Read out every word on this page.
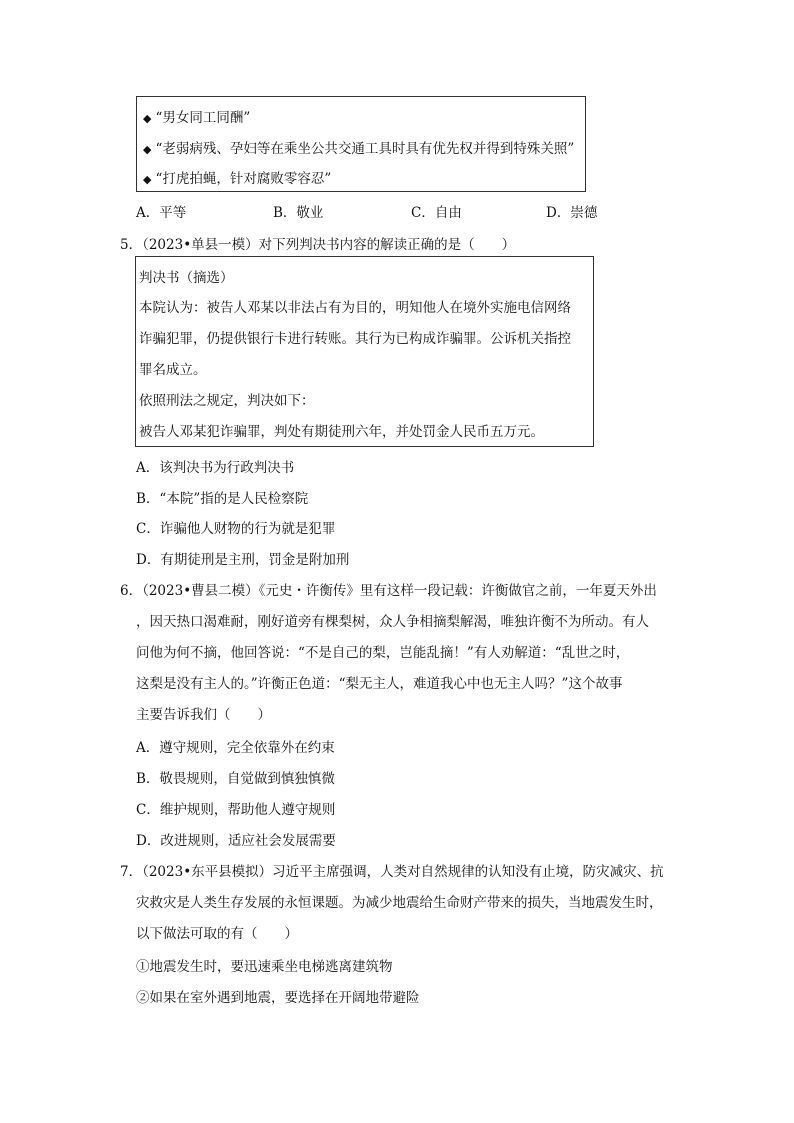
◆ “男女同工同酬”
◆ “老弱病残、孕妇等在乘坐公共交通工具时具有优先权并得到特殊关照”
◆ “打虎拍蝇，针对腐败零容忍”
A．平等	B．敬业	C．自由	D．崇德
5．（2023•单县一模）对下列判决书内容的解读正确的是（　　）
判决书（摘选）
本院认为：被告人邓某以非法占有为目的，明知他人在境外实施电信网络
诈骗犯罪，仍提供银行卡进行转账。其行为已构成诈骗罪。公诉机关指控
罪名成立。
依照刑法之规定，判决如下：
被告人邓某犯诈骗罪，判处有期徒刑六年，并处罚金人民币五万元。
A．该判决书为行政判决书
B．“本院”指的是人民检察院
C．诈骗他人财物的行为就是犯罪
D．有期徒刑是主刑，罚金是附加刑
6．（2023•曹县二模）《元史・许衡传》里有这样一段记载：许衡做官之前，一年夏天外出
，因天热口渴难耐，刚好道旁有棵梨树，众人争相摘梨解渴，唯独许衡不为所动。有人
问他为何不摘，他回答说：“不是自己的梨，岂能乱摘！”有人劝解道：“乱世之时，
这梨是没有主人的。”许衡正色道：“梨无主人，难道我心中也无主人吗？”这个故事
主要告诉我们（　　）
A．遵守规则，完全依靠外在约束
B．敬畏规则，自觉做到慎独慎微
C．维护规则，帮助他人遵守规则
D．改进规则，适应社会发展需要
7．（2023•东平县模拟）习近平主席强调，人类对自然规律的认知没有止境，防灾减灾、抗
灾救灾是人类生存发展的永恒课题。为减少地震给生命财产带来的损失，当地震发生时，
以下做法可取的有（　　）
①地震发生时，要迅速乘坐电梯逃离建筑物
②如果在室外遇到地震，要选择在开阔地带避险
